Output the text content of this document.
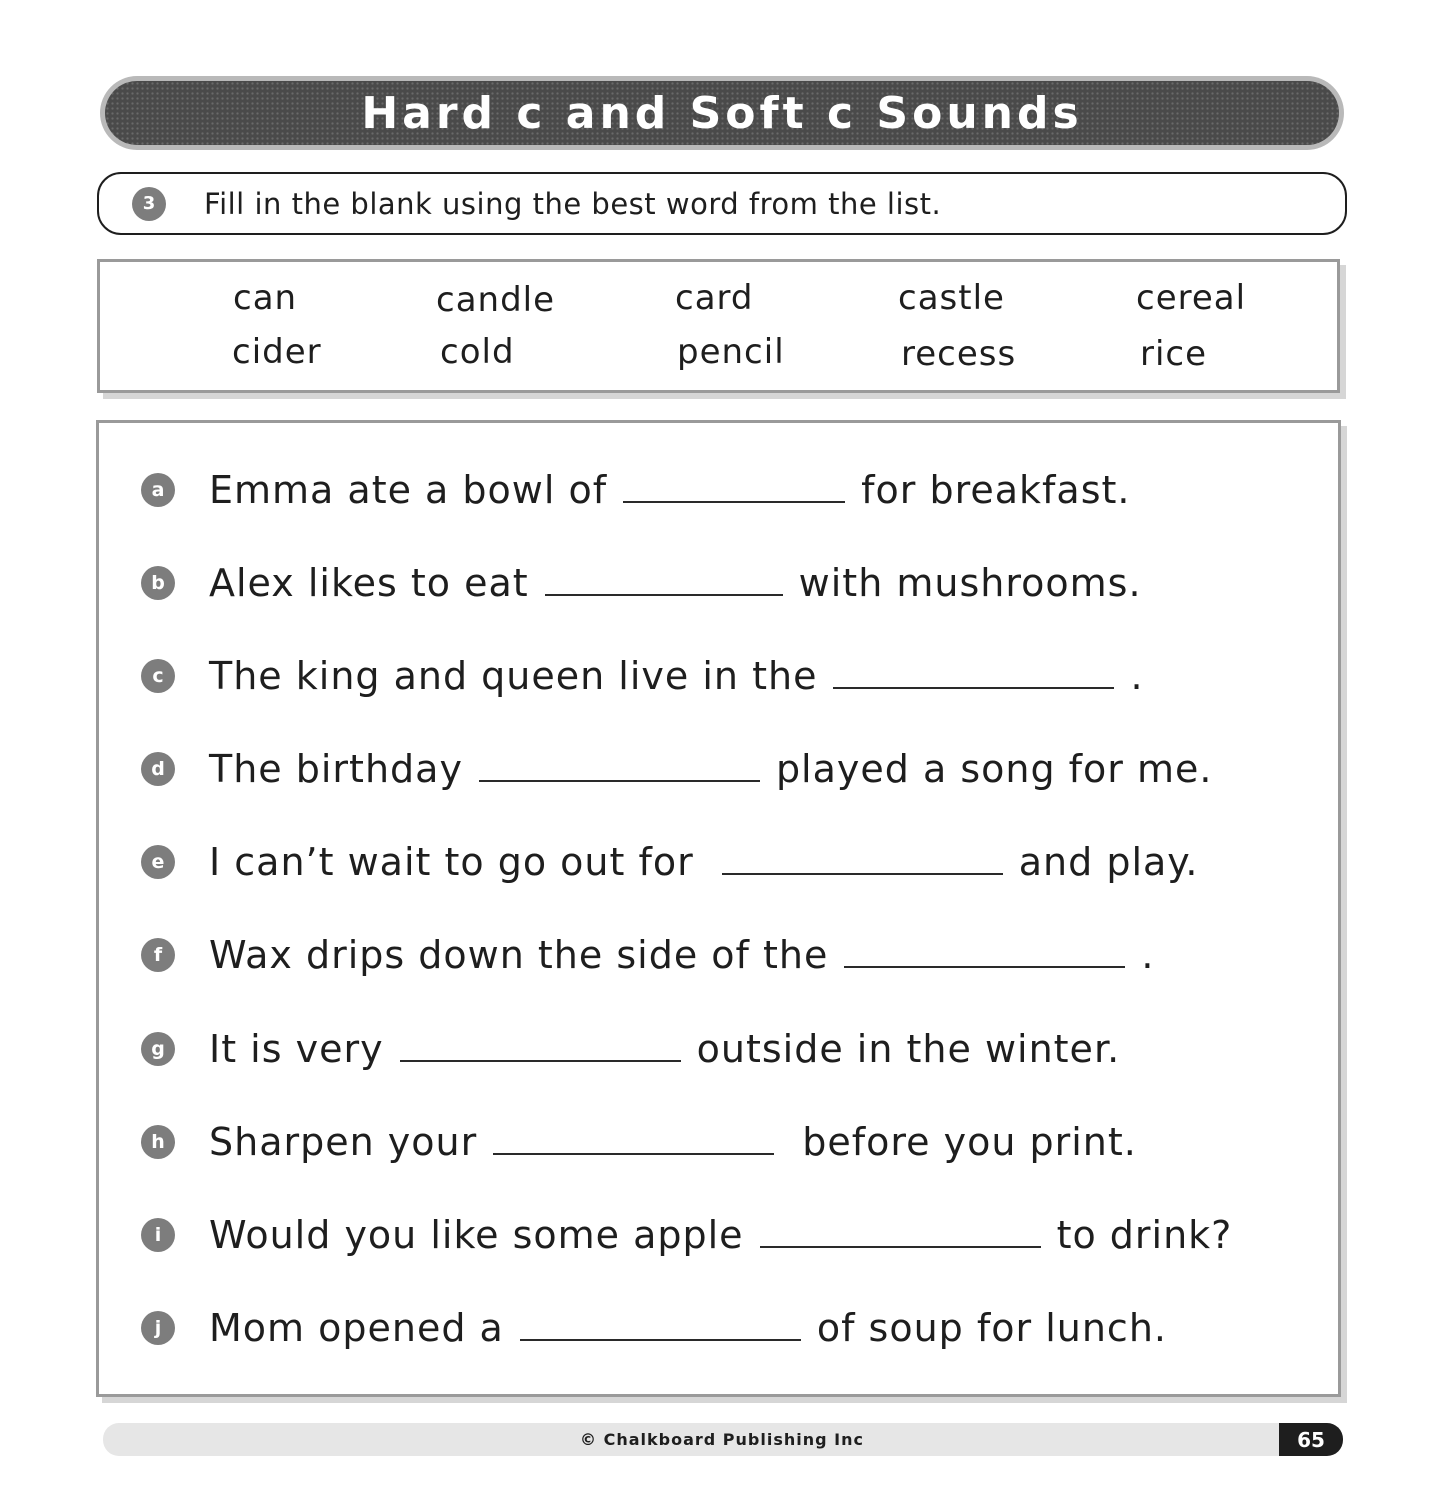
Hard c and Soft c Sounds
3	Fill in the blank using the best word from the list.
can	candle	card	castle	cereal
cider	cold	pencil	recess	rice
a Emma ate a bowl of	for breakfast.
b Alex likes to eat	with mushrooms.
c The king and queen live in the	.
d The birthday	played a song for me.
e I can’t wait to go out for	and play.
f	Wax drips down the side of the	.
g It is very	outside in the winter.
h Sharpen your	before you print.
i	Would you like some apple	to drink?
j	Mom opened a	of soup for lunch.
© Chalkboard Publishing Inc	65
